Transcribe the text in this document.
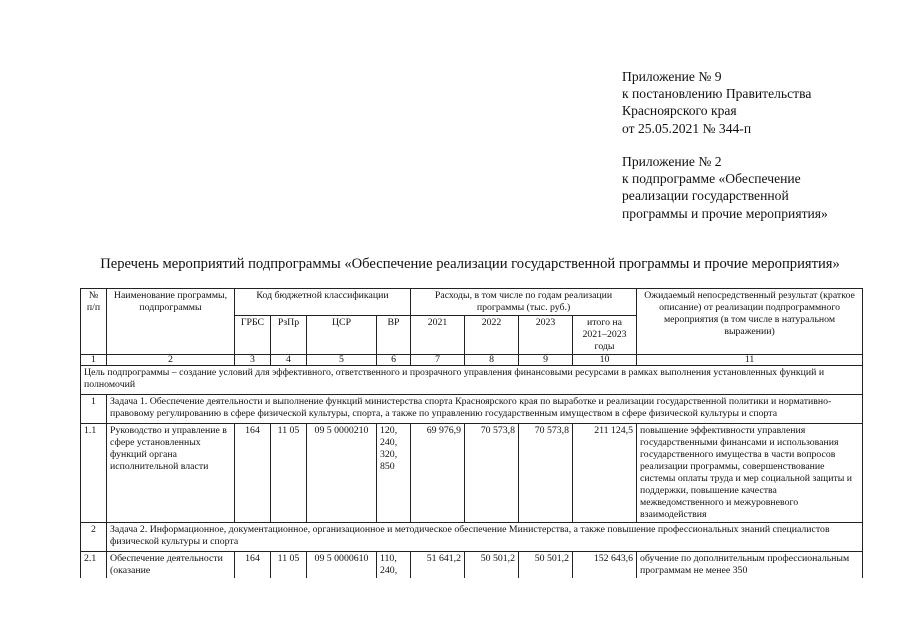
Приложение № 9
к постановлению Правительства
Красноярского края
от 25.05.2021 № 344-п
Приложение № 2
к подпрограмме «Обеспечение
реализации государственной
программы и прочие мероприятия»
Перечень мероприятий подпрограммы «Обеспечение реализации государственной программы и прочие мероприятия»
№ п/п	Наименование программы, подпрограммы	Код бюджетной классификации				Расходы, в том числе по годам реализации программы (тыс. руб.)				Ожидаемый непосредственный результат (краткое описание) от реализации подпрограммного мероприятия (в том числе в натуральном выражении)
		ГРБС	РзПр	ЦСР	ВР	2021	2022	2023	итого на 2021–2023 годы	
1	2	3	4	5	6	7	8	9	10	11
Цель подпрограммы – создание условий для эффективного, ответственного и прозрачного управления финансовыми ресурсами в рамках выполнения установленных функций и полномочий										
1	Задача 1. Обеспечение деятельности и выполнение функций министерства спорта Красноярского края по выработке и реализации государственной политики и нормативно-правовому регулированию в сфере физической культуры, спорта, а также по управлению государственным имуществом в сфере физической культуры и спорта									
1.1	Руководство и управление в сфере установленных функций органа исполнительной власти	164	11 05	09 5 0000210	120, 240, 320, 850	69 976,9	70 573,8	70 573,8	211 124,5	повышение эффективности управления государственными финансами и использования государственного имущества в части вопросов реализации программы, совершенствование системы оплаты труда и мер социальной защиты и поддержки, повышение качества межведомственного и межуровневого взаимодействия
2	Задача 2. Информационное, документационное, организационное и методическое обеспечение Министерства, а также повышение профессиональных знаний специалистов физической культуры и спорта									
2.1	Обеспечение деятельности (оказание	164	11 05	09 5 0000610	110, 240,	51 641,2	50 501,2	50 501,2	152 643,6	обучение по дополнительным профессиональным программам не менее 350
